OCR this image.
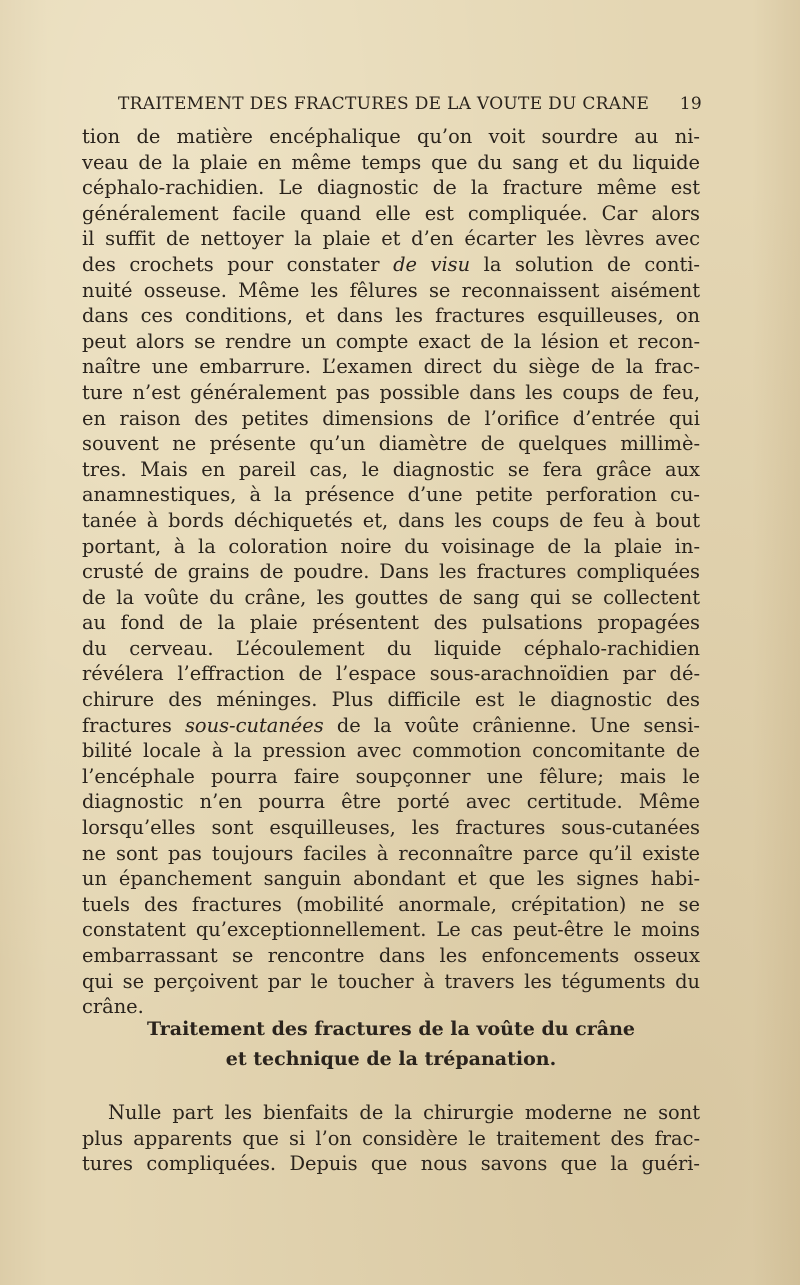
TRAITEMENT DES FRACTURES DE LA VOUTE DU CRANE 19
tion de matière encéphalique qu’on voit sourdre au ni-
veau de la plaie en même temps que du sang et du liquide
céphalo-rachidien. Le diagnostic de la fracture même est
généralement facile quand elle est compliquée. Car alors
il suffit de nettoyer la plaie et d’en écarter les lèvres avec
des crochets pour constater de visu la solution de conti-
nuité osseuse. Même les fêlures se reconnaissent aisément
dans ces conditions, et dans les fractures esquilleuses, on
peut alors se rendre un compte exact de la lésion et recon-
naître une embarrure. L’examen direct du siège de la frac-
ture n’est généralement pas possible dans les coups de feu,
en raison des petites dimensions de l’orifice d’entrée qui
souvent ne présente qu’un diamètre de quelques millimè-
tres. Mais en pareil cas, le diagnostic se fera grâce aux
anamnestiques, à la présence d’une petite perforation cu-
tanée à bords déchiquetés et, dans les coups de feu à bout
portant, à la coloration noire du voisinage de la plaie in-
crusté de grains de poudre. Dans les fractures compliquées
de la voûte du crâne, les gouttes de sang qui se collectent
au fond de la plaie présentent des pulsations propagées
du cerveau. L’écoulement du liquide céphalo-rachidien
révélera l’effraction de l’espace sous-arachnoïdien par dé-
chirure des méninges. Plus difficile est le diagnostic des
fractures sous-cutanées de la voûte crânienne. Une sensi-
bilité locale à la pression avec commotion concomitante de
l’encéphale pourra faire soupçonner une fêlure; mais le
diagnostic n’en pourra être porté avec certitude. Même
lorsqu’elles sont esquilleuses, les fractures sous-cutanées
ne sont pas toujours faciles à reconnaître parce qu’il existe
un épanchement sanguin abondant et que les signes habi-
tuels des fractures (mobilité anormale, crépitation) ne se
constatent qu’exceptionnellement. Le cas peut-être le moins
embarrassant se rencontre dans les enfoncements osseux
qui se perçoivent par le toucher à travers les téguments du
crâne.
Traitement des fractures de la voûte du crâne
et technique de la trépanation.
Nulle part les bienfaits de la chirurgie moderne ne sont
plus apparents que si l’on considère le traitement des frac-
tures compliquées. Depuis que nous savons que la guéri-
